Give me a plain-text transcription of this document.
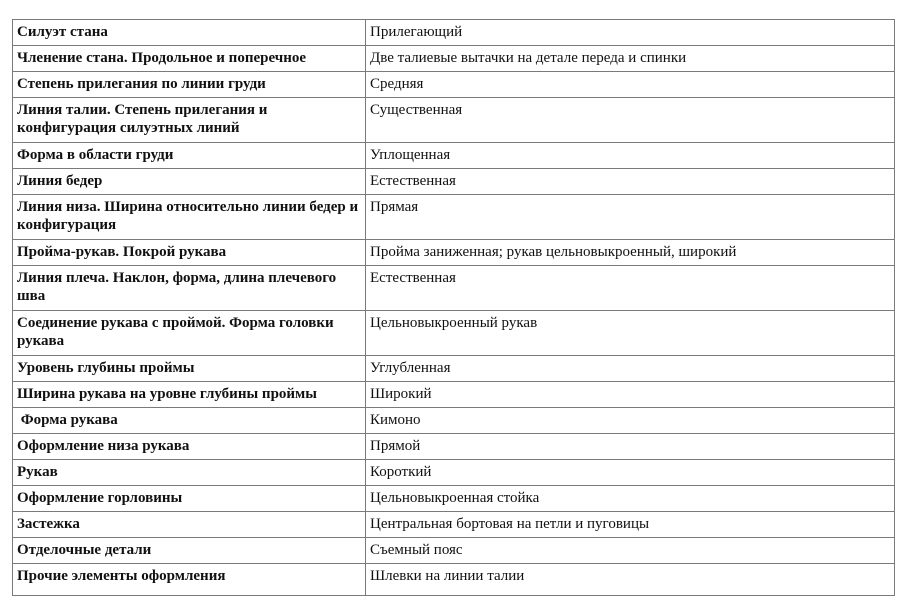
Силуэт стана	Прилегающий
Членение стана. Продольное и поперечное	Две талиевые вытачки на детале переда и спинки
Степень прилегания по линии груди	Средняя
Линия талии. Степень прилегания и конфигурация силуэтных линий	Существенная
Форма в области груди	Уплощенная
Линия бедер	Естественная
Линия низа. Ширина относительно линии бедер и конфигурация	Прямая
Пройма-рукав. Покрой рукава	Пройма заниженная; рукав цельновыкроенный, широкий
Линия плеча. Наклон, форма, длина плечевого шва	Естественная
Соединение рукава с проймой. Форма головки рукава	Цельновыкроенный рукав
Уровень глубины проймы	Углубленная
Ширина рукава на уровне глубины проймы	Широкий
Форма рукава	Кимоно
Оформление низа рукава	Прямой
Рукав	Короткий
Оформление горловины	Цельновыкроенная стойка
Застежка	Центральная бортовая на петли и пуговицы
Отделочные детали	Съемный пояс
Прочие элементы оформления	Шлевки на линии талии
